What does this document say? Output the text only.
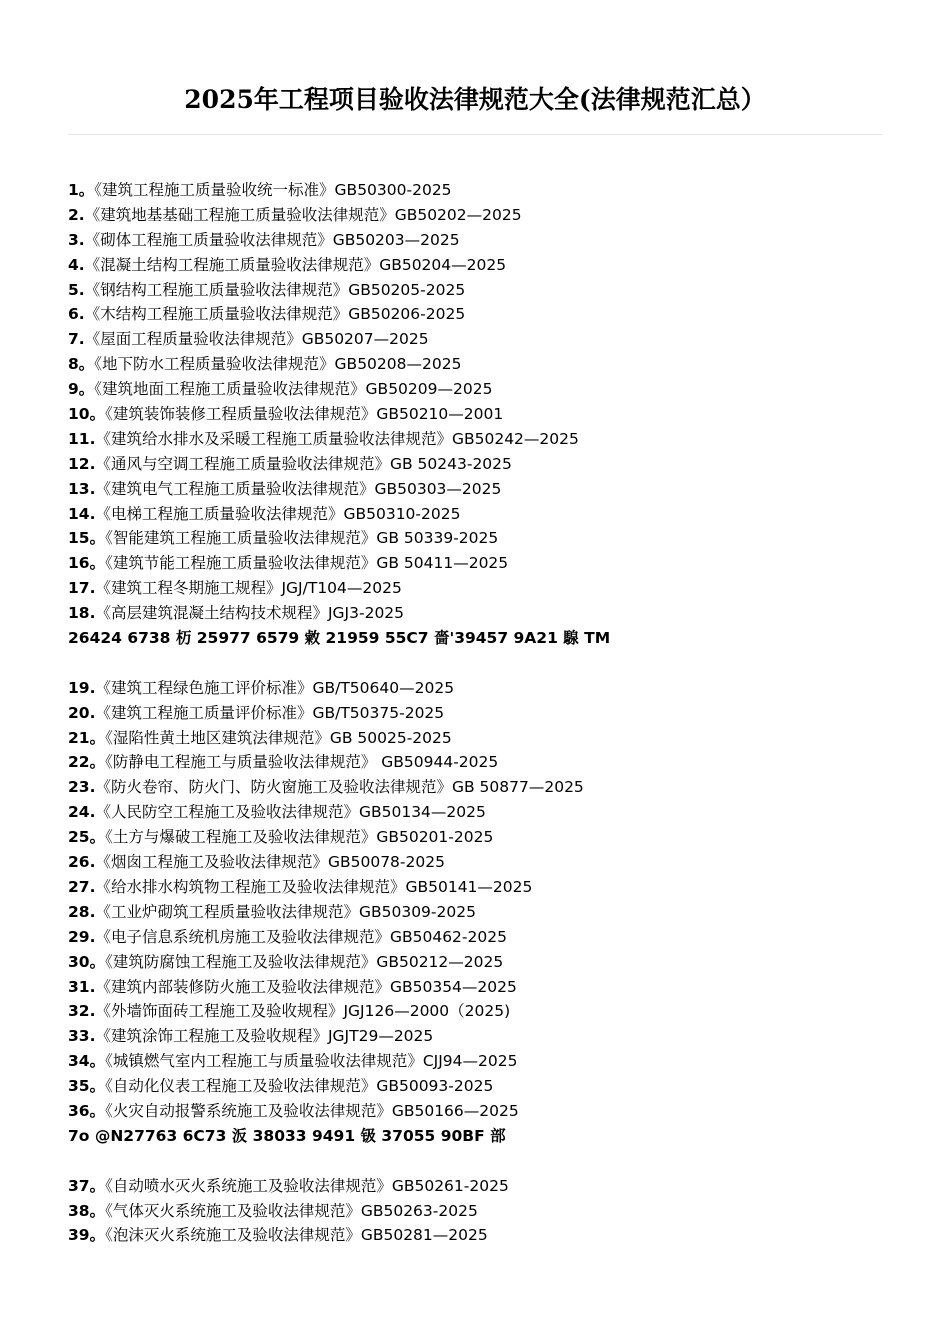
2025年工程项目验收法律规范大全(法律规范汇总）
1。《建筑工程施工质量验收统一标准》GB50300-2025
2.《建筑地基基础工程施工质量验收法律规范》GB50202—2025
3.《砌体工程施工质量验收法律规范》GB50203—2025
4.《混凝土结构工程施工质量验收法律规范》GB50204—2025
5.《钢结构工程施工质量验收法律规范》GB50205-2025
6.《木结构工程施工质量验收法律规范》GB50206-2025
7.《屋面工程质量验收法律规范》GB50207—2025
8。《地下防水工程质量验收法律规范》GB50208—2025
9。《建筑地面工程施工质量验收法律规范》GB50209—2025
10。《建筑装饰装修工程质量验收法律规范》GB50210—2001
11.《建筑给水排水及采暖工程施工质量验收法律规范》GB50242—2025
12.《通风与空调工程施工质量验收法律规范》GB 50243-2025
13.《建筑电气工程施工质量验收法律规范》GB50303—2025
14.《电梯工程施工质量验收法律规范》GB50310-2025
15。《智能建筑工程施工质量验收法律规范》GB 50339-2025
16。《建筑节能工程施工质量验收法律规范》GB 50411—2025
17.《建筑工程冬期施工规程》JGJ/T104—2025
18.《高层建筑混凝土结构技术规程》JGJ3-2025
26424 6738 杤 25977 6579 敹 21959 55C7 嗇'39457 9A21 騡 TM
19.《建筑工程绿色施工评价标准》GB/T50640—2025
20.《建筑工程施工质量评价标准》GB/T50375-2025
21。《湿陷性黄土地区建筑法律规范》GB 50025-2025
22。《防静电工程施工与质量验收法律规范》 GB50944-2025
23.《防火卷帘、防火门、防火窗施工及验收法律规范》GB 50877—2025
24.《人民防空工程施工及验收法律规范》GB50134—2025
25。《土方与爆破工程施工及验收法律规范》GB50201-2025
26.《烟囱工程施工及验收法律规范》GB50078-2025
27.《给水排水构筑物工程施工及验收法律规范》GB50141—2025
28.《工业炉砌筑工程质量验收法律规范》GB50309-2025
29.《电子信息系统机房施工及验收法律规范》GB50462-2025
30。《建筑防腐蚀工程施工及验收法律规范》GB50212—2025
31.《建筑内部装修防火施工及验收法律规范》GB50354—2025
32.《外墙饰面砖工程施工及验收规程》JGJ126—2000（2025)
33.《建筑涂饰工程施工及验收规程》JGJT29—2025
34。《城镇燃气室内工程施工与质量验收法律规范》CJJ94—2025
35。《自动化仪表工程施工及验收法律规范》GB50093-2025
36。《火灾自动报警系统施工及验收法律规范》GB50166—2025
7o @N27763 6C73 汳 38033 9491 钑 37055 90BF 部
37。《自动喷水灭火系统施工及验收法律规范》GB50261-2025
38。《气体灭火系统施工及验收法律规范》GB50263-2025
39。《泡沫灭火系统施工及验收法律规范》GB50281—2025
